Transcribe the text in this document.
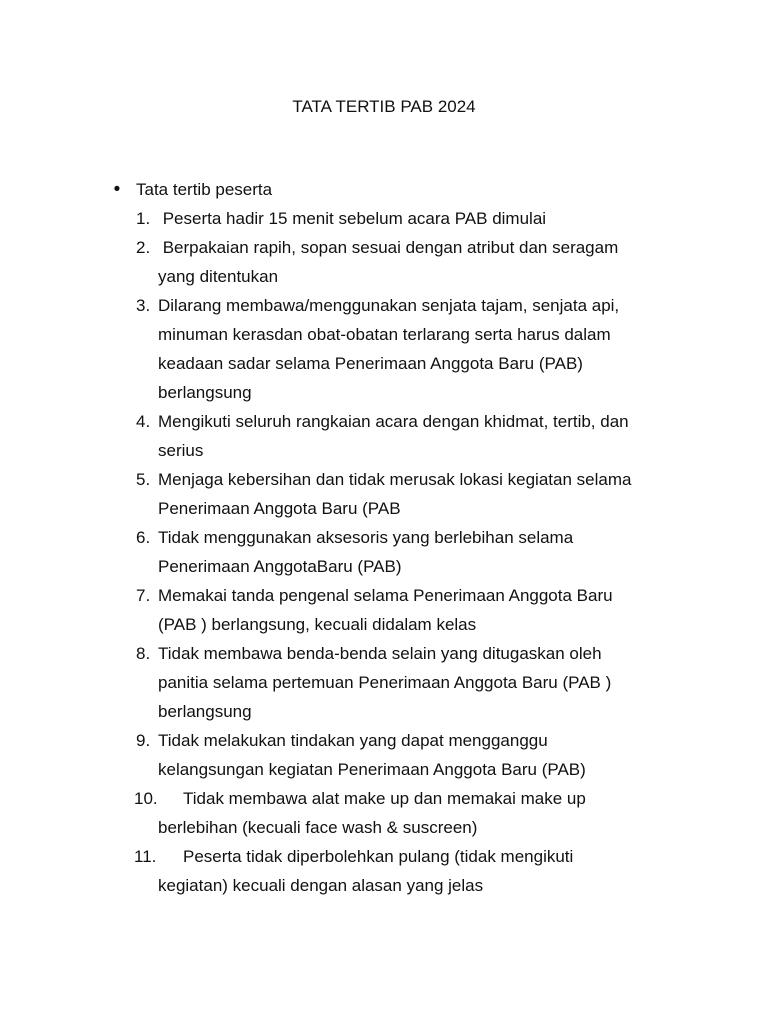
TATA TERTIB PAB 2024
• Tata tertib peserta
1. Peserta hadir 15 menit sebelum acara PAB dimulai
2. Berpakaian rapih, sopan sesuai dengan atribut dan seragam
yang ditentukan
3. Dilarang membawa/menggunakan senjata tajam, senjata api,
minuman kerasdan obat-obatan terlarang serta harus dalam
keadaan sadar selama Penerimaan Anggota Baru (PAB)
berlangsung
4. Mengikuti seluruh rangkaian acara dengan khidmat, tertib, dan
serius
5. Menjaga kebersihan dan tidak merusak lokasi kegiatan selama
Penerimaan Anggota Baru (PAB
6. Tidak menggunakan aksesoris yang berlebihan selama
Penerimaan AnggotaBaru (PAB)
7. Memakai tanda pengenal selama Penerimaan Anggota Baru
(PAB ) berlangsung, kecuali didalam kelas
8. Tidak membawa benda-benda selain yang ditugaskan oleh
panitia selama pertemuan Penerimaan Anggota Baru (PAB )
berlangsung
9. Tidak melakukan tindakan yang dapat mengganggu
kelangsungan kegiatan Penerimaan Anggota Baru (PAB)
10.	Tidak membawa alat make up dan memakai make up
berlebihan (kecuali face wash & suscreen)
11.	Peserta tidak diperbolehkan pulang (tidak mengikuti
kegiatan) kecuali dengan alasan yang jelas
